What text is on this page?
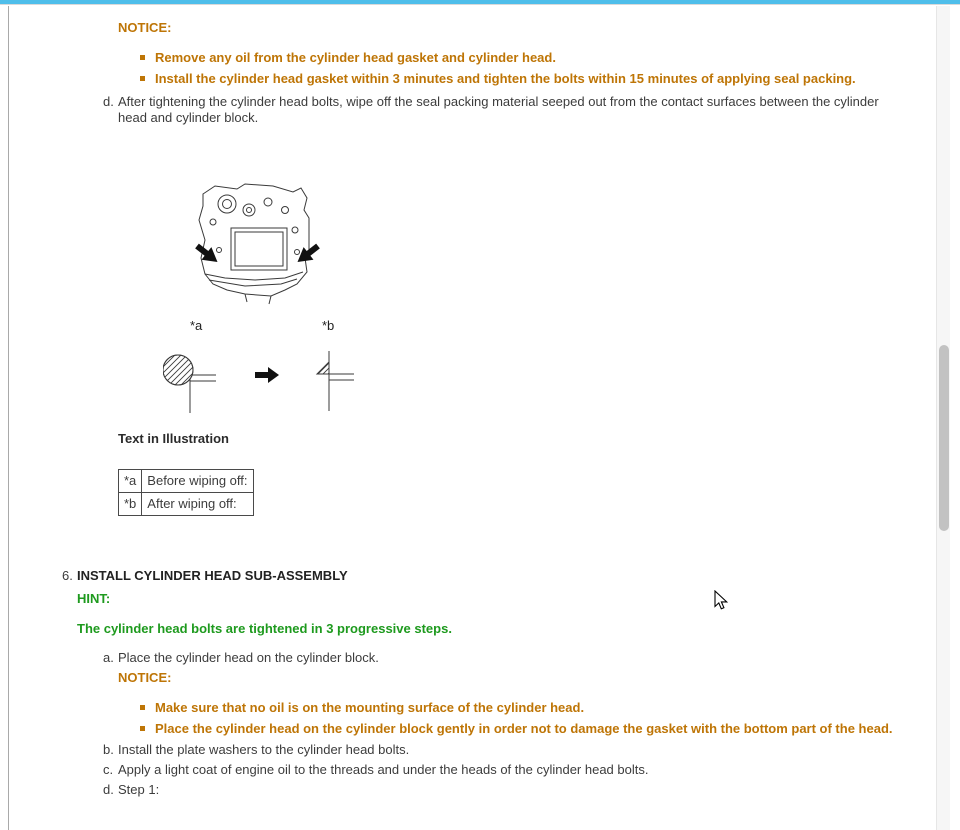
NOTICE:
Remove any oil from the cylinder head gasket and cylinder head.
Install the cylinder head gasket within 3 minutes and tighten the bolts within 15 minutes of applying seal packing.
d. After tightening the cylinder head bolts, wipe off the seal packing material seeped out from the contact surfaces between the cylinder head and cylinder block.
*a	*b
Text in Illustration
*a	Before wiping off:
*b	After wiping off:
6. INSTALL CYLINDER HEAD SUB-ASSEMBLY
HINT:
The cylinder head bolts are tightened in 3 progressive steps.
a. Place the cylinder head on the cylinder block.
NOTICE:
Make sure that no oil is on the mounting surface of the cylinder head.
Place the cylinder head on the cylinder block gently in order not to damage the gasket with the bottom part of the head.
b. Install the plate washers to the cylinder head bolts.
c. Apply a light coat of engine oil to the threads and under the heads of the cylinder head bolts.
d. Step 1:
